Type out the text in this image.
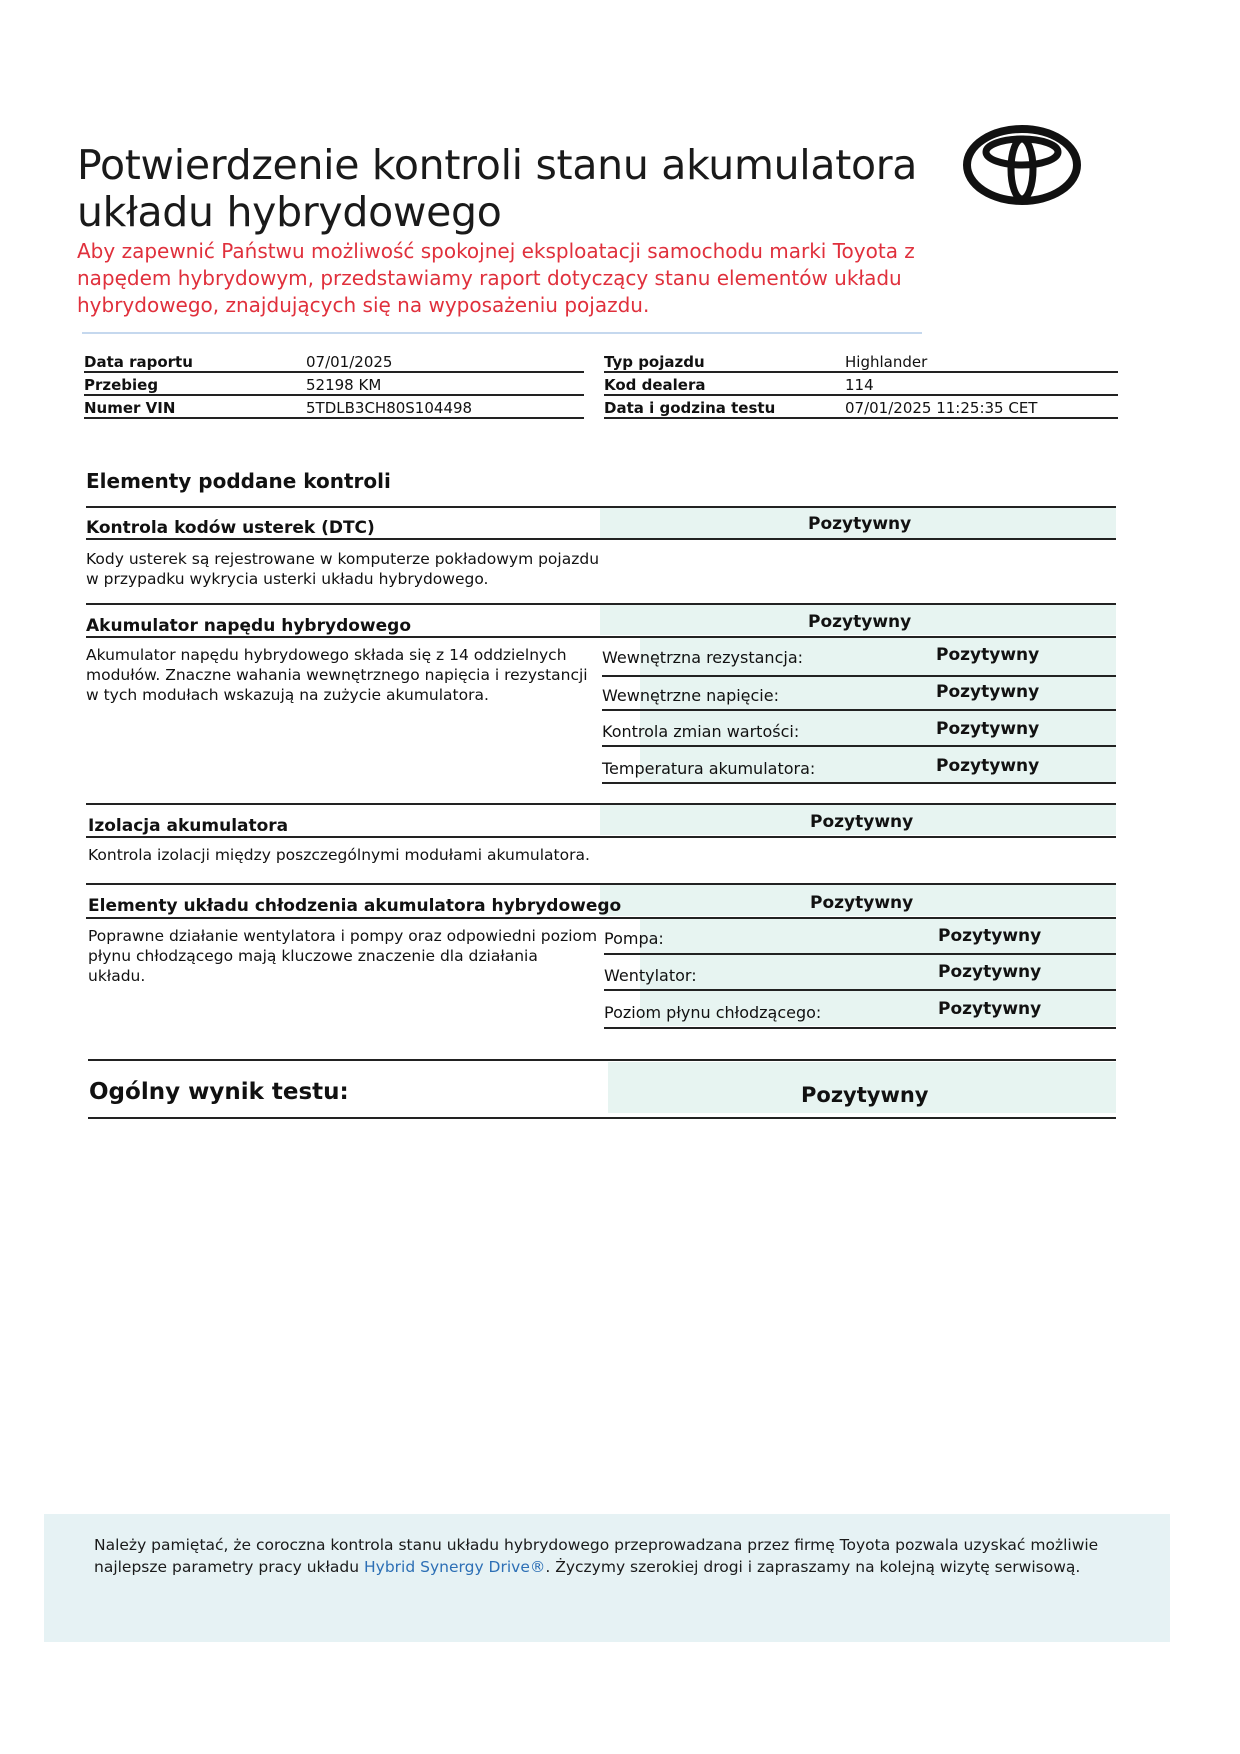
Potwierdzenie kontroli stanu akumulatora układu hybrydowego
Aby zapewnić Państwu możliwość spokojnej eksploatacji samochodu marki Toyota z napędem hybrydowym, przedstawiamy raport dotyczący stanu elementów układu hybrydowego, znajdujących się na wyposażeniu pojazdu.
Data raportu	07/01/2025	Typ pojazdu	Highlander
Przebieg	52198 KM	Kod dealera	114
Numer VIN	5TDLB3CH80S104498	Data i godzina testu	07/01/2025 11:25:35 CET
Elementy poddane kontroli
Kontrola kodów usterek (DTC)	Pozytywny
Kody usterek są rejestrowane w komputerze pokładowym pojazdu w przypadku wykrycia usterki układu hybrydowego.
Akumulator napędu hybrydowego	Pozytywny
Akumulator napędu hybrydowego składa się z 14 oddzielnych modułów. Znaczne wahania wewnętrznego napięcia i rezystancji w tych modułach wskazują na zużycie akumulatora.
Wewnętrzna rezystancja:	Pozytywny
Wewnętrzne napięcie:	Pozytywny
Kontrola zmian wartości:	Pozytywny
Temperatura akumulatora:	Pozytywny
Izolacja akumulatora	Pozytywny
Kontrola izolacji między poszczególnymi modułami akumulatora.
Elementy układu chłodzenia akumulatora hybrydowego	Pozytywny
Poprawne działanie wentylatora i pompy oraz odpowiedni poziom płynu chłodzącego mają kluczowe znaczenie dla działania układu.
Pompa:	Pozytywny
Wentylator:	Pozytywny
Poziom płynu chłodzącego:	Pozytywny
Ogólny wynik testu:	Pozytywny
Należy pamiętać, że coroczna kontrola stanu układu hybrydowego przeprowadzana przez firmę Toyota pozwala uzyskać możliwie najlepsze parametry pracy układu Hybrid Synergy Drive®. Życzymy szerokiej drogi i zapraszamy na kolejną wizytę serwisową.
